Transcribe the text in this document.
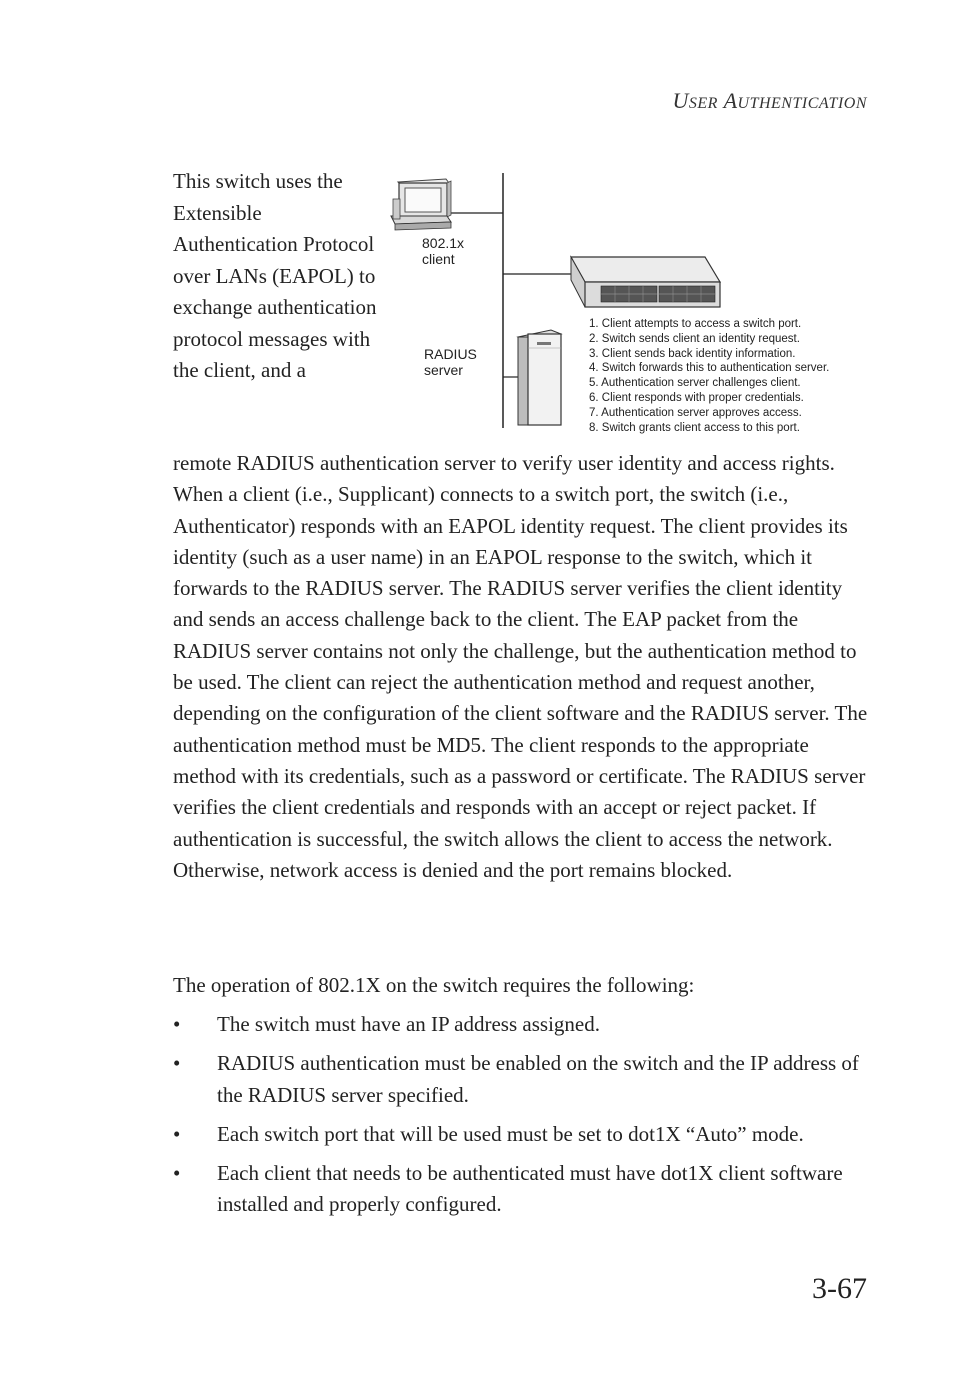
USER AUTHENTICATION
This switch uses the Extensible Authentication Protocol over LANs (EAPOL) to exchange authentication protocol messages with the client, and a
802.1x
client
RADIUS
server
1. Client attempts to access a switch port.
2. Switch sends client an identity request.
3. Client sends back identity information.
4. Switch forwards this to authentication server.
5. Authentication server challenges client.
6. Client responds with proper credentials.
7. Authentication server approves access.
8. Switch grants client access to this port.
remote RADIUS authentication server to verify user identity and access rights. When a client (i.e., Supplicant) connects to a switch port, the switch (i.e., Authenticator) responds with an EAPOL identity request. The client provides its identity (such as a user name) in an EAPOL response to the switch, which it forwards to the RADIUS server. The RADIUS server verifies the client identity and sends an access challenge back to the client. The EAP packet from the RADIUS server contains not only the challenge, but the authentication method to be used. The client can reject the authentication method and request another, depending on the configuration of the client software and the RADIUS server. The authentication method must be MD5. The client responds to the appropriate method with its credentials, such as a password or certificate. The RADIUS server verifies the client credentials and responds with an accept or reject packet. If authentication is successful, the switch allows the client to access the network. Otherwise, network access is denied and the port remains blocked.
The operation of 802.1X on the switch requires the following:
• The switch must have an IP address assigned.
• RADIUS authentication must be enabled on the switch and the IP address of the RADIUS server specified.
• Each switch port that will be used must be set to dot1X “Auto” mode.
• Each client that needs to be authenticated must have dot1X client software installed and properly configured.
3-67
